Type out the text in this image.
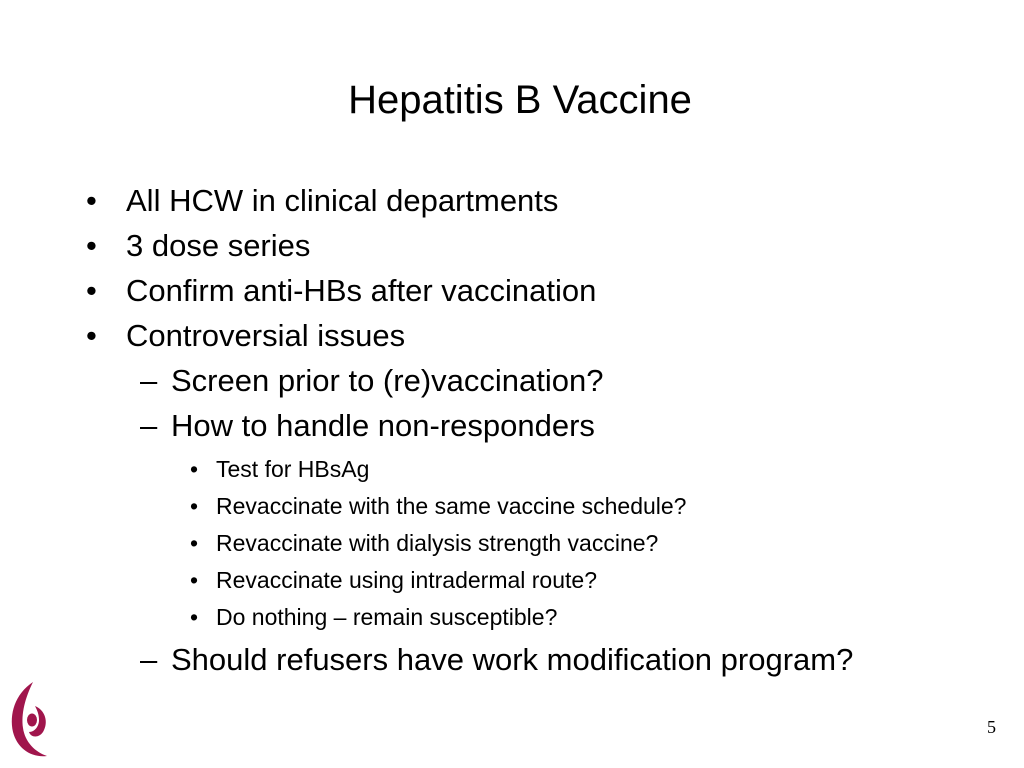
Hepatitis B Vaccine
• All HCW in clinical departments
• 3 dose series
• Confirm anti-HBs after vaccination
• Controversial issues
– Screen prior to (re)vaccination?
– How to handle non-responders
• Test for HBsAg
• Revaccinate with the same vaccine schedule?
• Revaccinate with dialysis strength vaccine?
• Revaccinate using intradermal route?
• Do nothing – remain susceptible?
– Should refusers have work modification program?
5
